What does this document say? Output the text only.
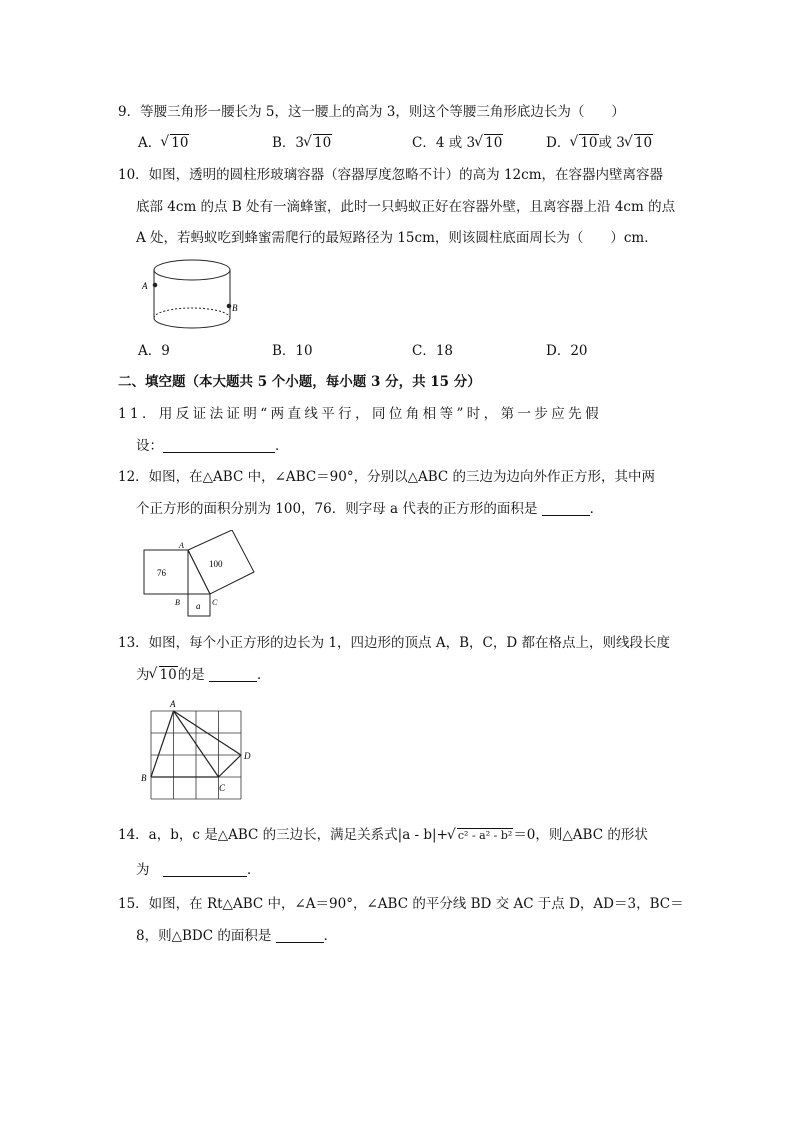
9．等腰三角形一腰长为 5，这一腰上的高为 3，则这个等腰三角形底边长为（　　）
A． √ 10	B．3 √ 10	C．4 或 3 √ 10	D． √ 10或 3 √ 10
10．如图，透明的圆柱形玻璃容器（容器厚度忽略不计）的高为 12cm，在容器内壁离容器
底部 4cm 的点 B 处有一滴蜂蜜，此时一只蚂蚁正好在容器外壁，且离容器上沿 4cm 的点
A 处，若蚂蚁吃到蜂蜜需爬行的最短路径为 15cm，则该圆柱底面周长为（　　）cm．
A
B
A．9	B．10	C．18	D．20
二、填空题（本大题共 5 个小题，每小题 3 分，共 15 分）
11．用反证法证明“两直线平行，同位角相等”时，第一步应先假
设：	．
12．如图，在△ABC 中，∠ABC＝90°，分别以△ABC 的三边为边向外作正方形，其中两
个正方形的面积分别为 100，76．则字母 a 代表的正方形的面积是	．
76
100
a
A
B	C
13．如图，每个小正方形的边长为 1，四边形的顶点 A，B，C，D 都在格点上，则线段长度
为 √ 10的是	．
A
B
C
D
14．a，b，c 是△ABC 的三边长，满足关系式|a - b|+ √ c² - a² - b²＝0，则△ABC 的形状
为　	．
15．如图，在 Rt△ABC 中，∠A＝90°，∠ABC 的平分线 BD 交 AC 于点 D，AD＝3，BC＝
8，则△BDC 的面积是	．
